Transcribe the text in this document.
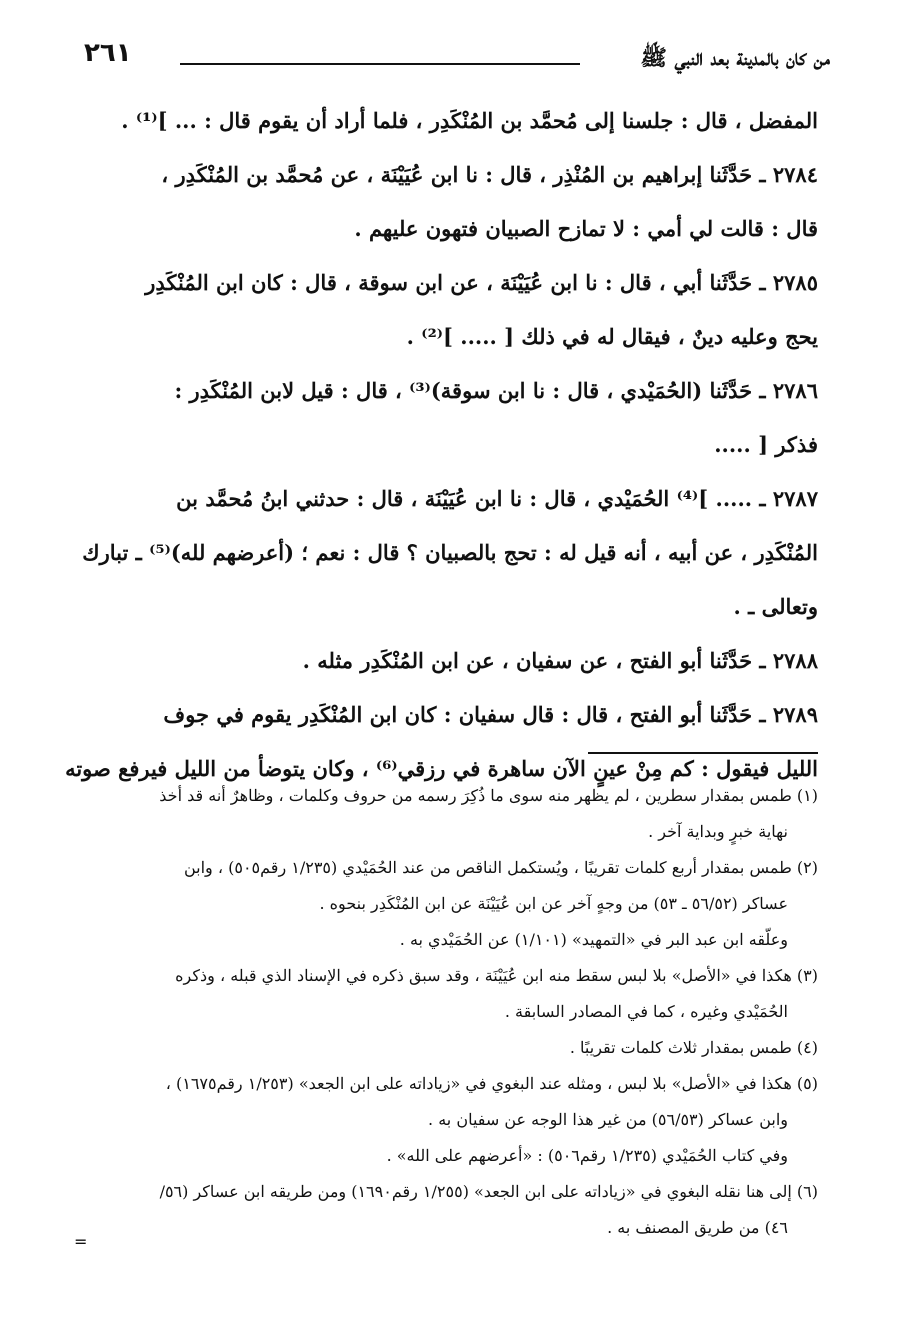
٢٦١	من كان بالمدينة بعد النبي ﷺ
المفضل ، قال : جلسنا إلى مُحمَّد بن المُنْكَدِر ، فلما أراد أن يقوم قال : ... ]⁽¹⁾ .
٢٧٨٤ ـ حَدَّثَنا إبراهيم بن المُنْذِر ، قال : نا ابن عُيَيْنَة ، عن مُحمَّد بن المُنْكَدِر ،
قال : قالت لي أمي : لا تمازح الصبيان فتهون عليهم .
٢٧٨٥ ـ حَدَّثَنا أبي ، قال : نا ابن عُيَيْنَة ، عن ابن سوقة ، قال : كان ابن المُنْكَدِر
يحج وعليه دينٌ ، فيقال له في ذلك [ ..... ]⁽²⁾ .
٢٧٨٦ ـ حَدَّثَنا (الحُمَيْدي ، قال : نا ابن سوقة)⁽³⁾ ، قال : قيل لابن المُنْكَدِر :
فذكر [ .....
٢٧٨٧ ـ ..... ]⁽⁴⁾ الحُمَيْدي ، قال : نا ابن عُيَيْنَة ، قال : حدثني ابنُ مُحمَّد بن
المُنْكَدِر ، عن أبيه ، أنه قيل له : تحج بالصبيان ؟ قال : نعم ؛ (أعرضهم لله)⁽⁵⁾ ـ تبارك
وتعالى ـ .
٢٧٨٨ ـ حَدَّثَنا أبو الفتح ، عن سفيان ، عن ابن المُنْكَدِر مثله .
٢٧٨٩ ـ حَدَّثَنا أبو الفتح ، قال : قال سفيان : كان ابن المُنْكَدِر يقوم في جوف
الليل فيقول : كم مِنْ عينٍ الآن ساهرة في رزقي⁽⁶⁾ ، وكان يتوضأ من الليل فيرفع صوته
(١) طمس بمقدار سطرين ، لم يظهر منه سوى ما ذُكِرَ رسمه من حروف وكلمات ، وظاهرٌ أنه قد أخذ
نهاية خبرٍ وبداية آخر .
(٢) طمس بمقدار أربع كلمات تقريبًا ، ويُستكمل الناقص من عند الحُمَيْدي (١/٢٣٥ رقم٥٠٥) ، وابن
عساكر (٥٦/٥٢ ـ ٥٣) من وجهٍ آخر عن ابن عُيَيْنَة عن ابن المُنْكَدِر بنحوه .
وعلّقه ابن عبد البر في «التمهيد» (١/١٠١) عن الحُمَيْدي به .
(٣) هكذا في «الأصل» بلا لبس سقط منه ابن عُيَيْنَة ، وقد سبق ذكره في الإسناد الذي قبله ، وذكره
الحُمَيْدي وغيره ، كما في المصادر السابقة .
(٤) طمس بمقدار ثلاث كلمات تقريبًا .
(٥) هكذا في «الأصل» بلا لبس ، ومثله عند البغوي في «زياداته على ابن الجعد» (١/٢٥٣ رقم١٦٧٥) ،
وابن عساكر (٥٦/٥٣) من غير هذا الوجه عن سفيان به .
وفي كتاب الحُمَيْدي (١/٢٣٥ رقم٥٠٦) : «أعرضهم على الله» .
(٦) إلى هنا نقله البغوي في «زياداته على ابن الجعد» (١/٢٥٥ رقم١٦٩٠) ومن طريقه ابن عساكر (٥٦/
٤٦) من طريق المصنف به .
=
